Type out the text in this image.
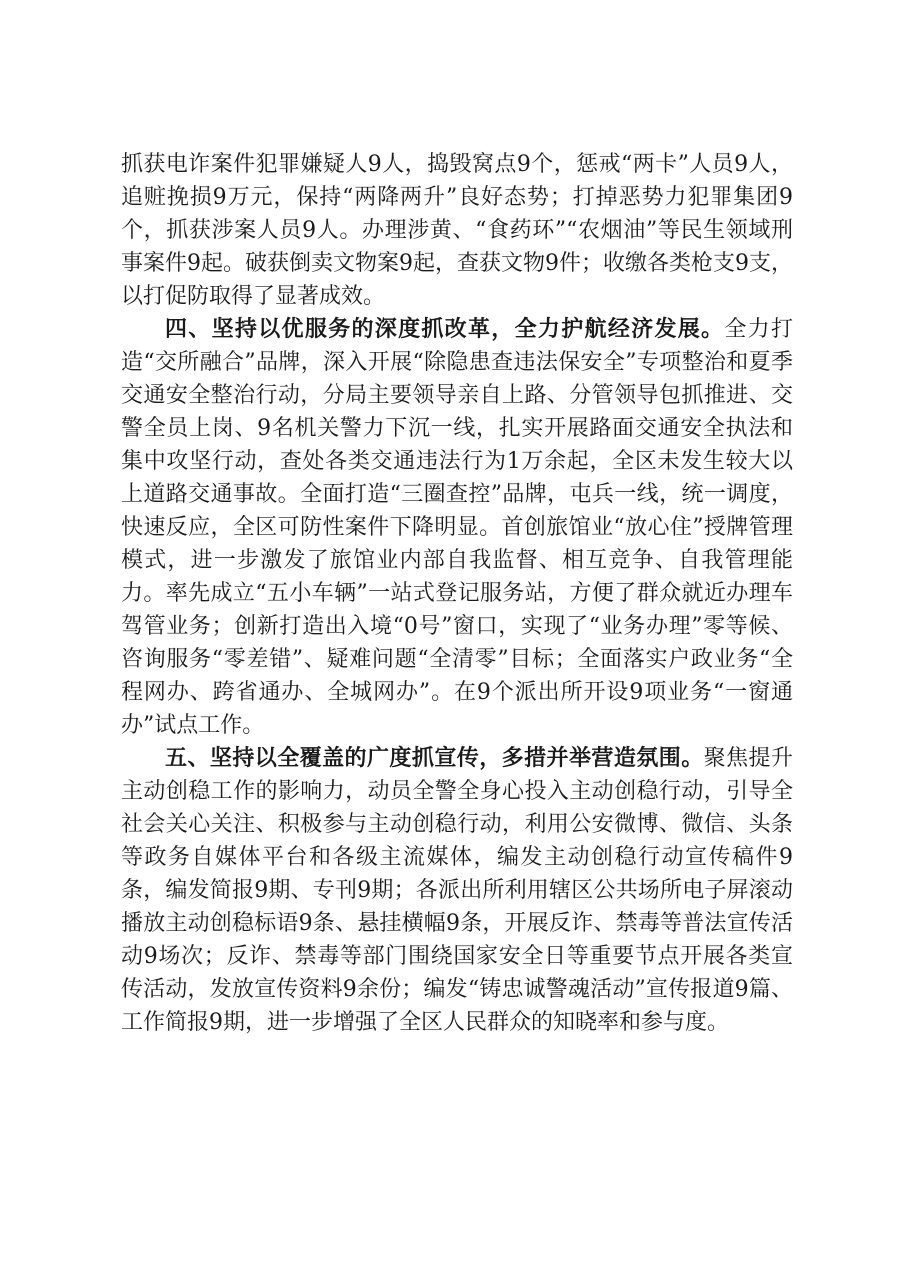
抓获电诈案件犯罪嫌疑人9人，捣毁窝点9个，惩戒“两卡”人员9人，追赃挽损9万元，保持“两降两升”良好态势；打掉恶势力犯罪集团9个，抓获涉案人员9人。办理涉黄、“食药环”“农烟油”等民生领域刑事案件9起。破获倒卖文物案9起，查获文物9件；收缴各类枪支9支，以打促防取得了显著成效。

四、坚持以优服务的深度抓改革，全力护航经济发展。全力打造“交所融合”品牌，深入开展“除隐患查违法保安全”专项整治和夏季交通安全整治行动，分局主要领导亲自上路、分管领导包抓推进、交警全员上岗、9名机关警力下沉一线，扎实开展路面交通安全执法和集中攻坚行动，查处各类交通违法行为1万余起，全区未发生较大以上道路交通事故。全面打造“三圈查控”品牌，屯兵一线，统一调度，快速反应，全区可防性案件下降明显。首创旅馆业“放心住”授牌管理模式，进一步激发了旅馆业内部自我监督、相互竞争、自我管理能力。率先成立“五小车辆”一站式登记服务站，方便了群众就近办理车驾管业务；创新打造出入境“0号”窗口，实现了“业务办理”零等候、咨询服务“零差错”、疑难问题“全清零”目标；全面落实户政业务“全程网办、跨省通办、全城网办”。在9个派出所开设9项业务“一窗通办”试点工作。

五、坚持以全覆盖的广度抓宣传，多措并举营造氛围。聚焦提升主动创稳工作的影响力，动员全警全身心投入主动创稳行动，引导全社会关心关注、积极参与主动创稳行动，利用公安微博、微信、头条等政务自媒体平台和各级主流媒体，编发主动创稳行动宣传稿件9条，编发简报9期、专刊9期；各派出所利用辖区公共场所电子屏滚动播放主动创稳标语9条、悬挂横幅9条，开展反诈、禁毒等普法宣传活动9场次；反诈、禁毒等部门围绕国家安全日等重要节点开展各类宣传活动，发放宣传资料9余份；编发“铸忠诚警魂活动”宣传报道9篇、工作简报9期，进一步增强了全区人民群众的知晓率和参与度。
